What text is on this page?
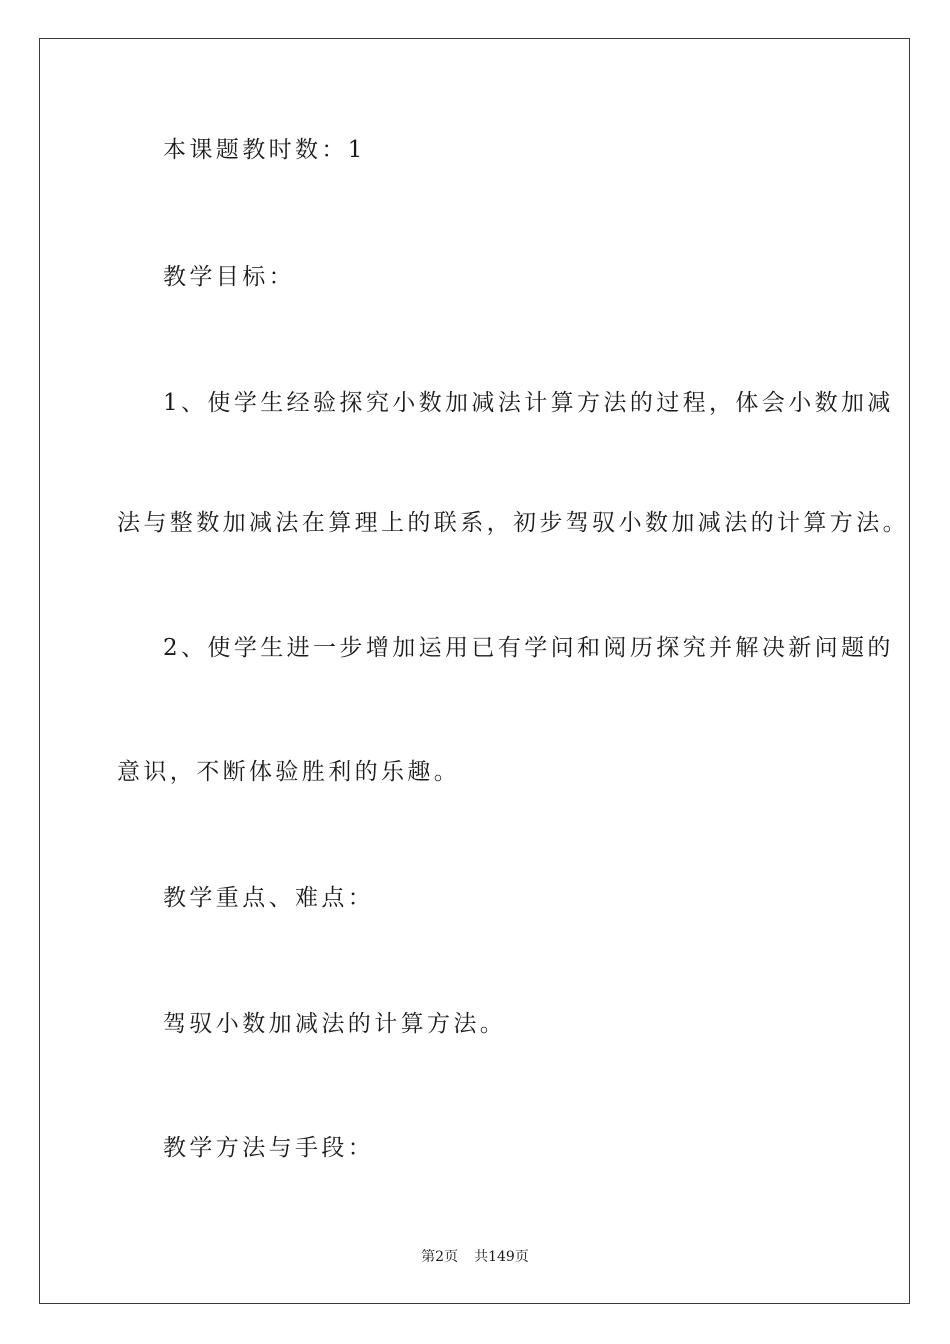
本课题教时数：1

教学目标：

1、使学生经验探究小数加减法计算方法的过程，体会小数加减

法与整数加减法在算理上的联系，初步驾驭小数加减法的计算方法。

2、使学生进一步增加运用已有学问和阅历探究并解决新问题的

意识，不断体验胜利的乐趣。

教学重点、难点：

驾驭小数加减法的计算方法。

教学方法与手段：

第2页 共149页
